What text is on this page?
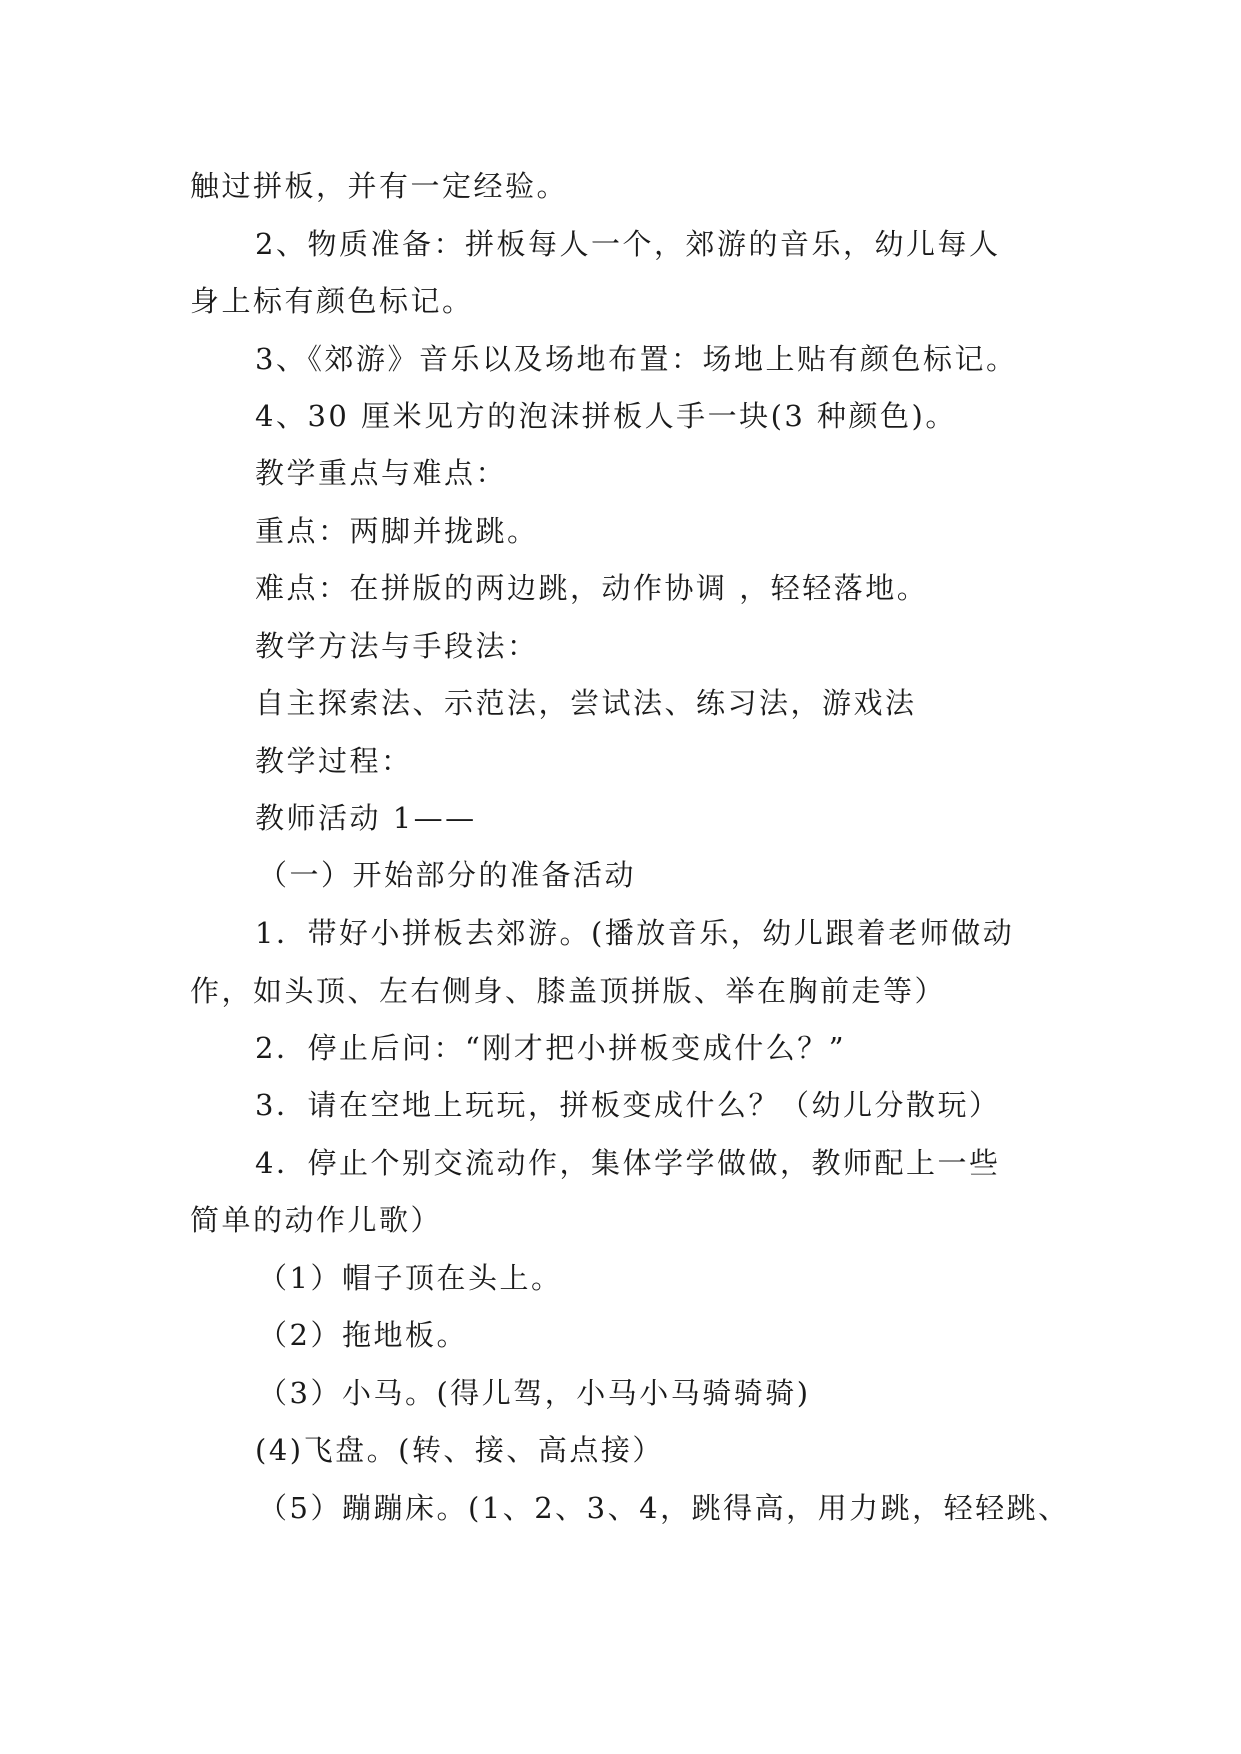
触过拼板，并有一定经验。
2、物质准备：拼板每人一个，郊游的音乐，幼儿每人
身上标有颜色标记。
3、《郊游》音乐以及场地布置：场地上贴有颜色标记。
4、30 厘米见方的泡沫拼板人手一块(3 种颜色)。
教学重点与难点：
重点：两脚并拢跳。
难点：在拼版的两边跳，动作协调 ，轻轻落地。
教学方法与手段法：
自主探索法、示范法，尝试法、练习法，游戏法
教学过程：
教师活动 1——
（一）开始部分的准备活动
1．带好小拼板去郊游。(播放音乐，幼儿跟着老师做动
作，如头顶、左右侧身、膝盖顶拼版、举在胸前走等）
2．停止后问：“刚才把小拼板变成什么？”
3．请在空地上玩玩，拼板变成什么？（幼儿分散玩）
4．停止个别交流动作，集体学学做做，教师配上一些
简单的动作儿歌）
（1）帽子顶在头上。
（2）拖地板。
（3）小马。(得儿驾，小马小马骑骑骑)
(4)飞盘。(转、接、高点接）
（5）蹦蹦床。(1、2、3、4，跳得高，用力跳，轻轻跳、
